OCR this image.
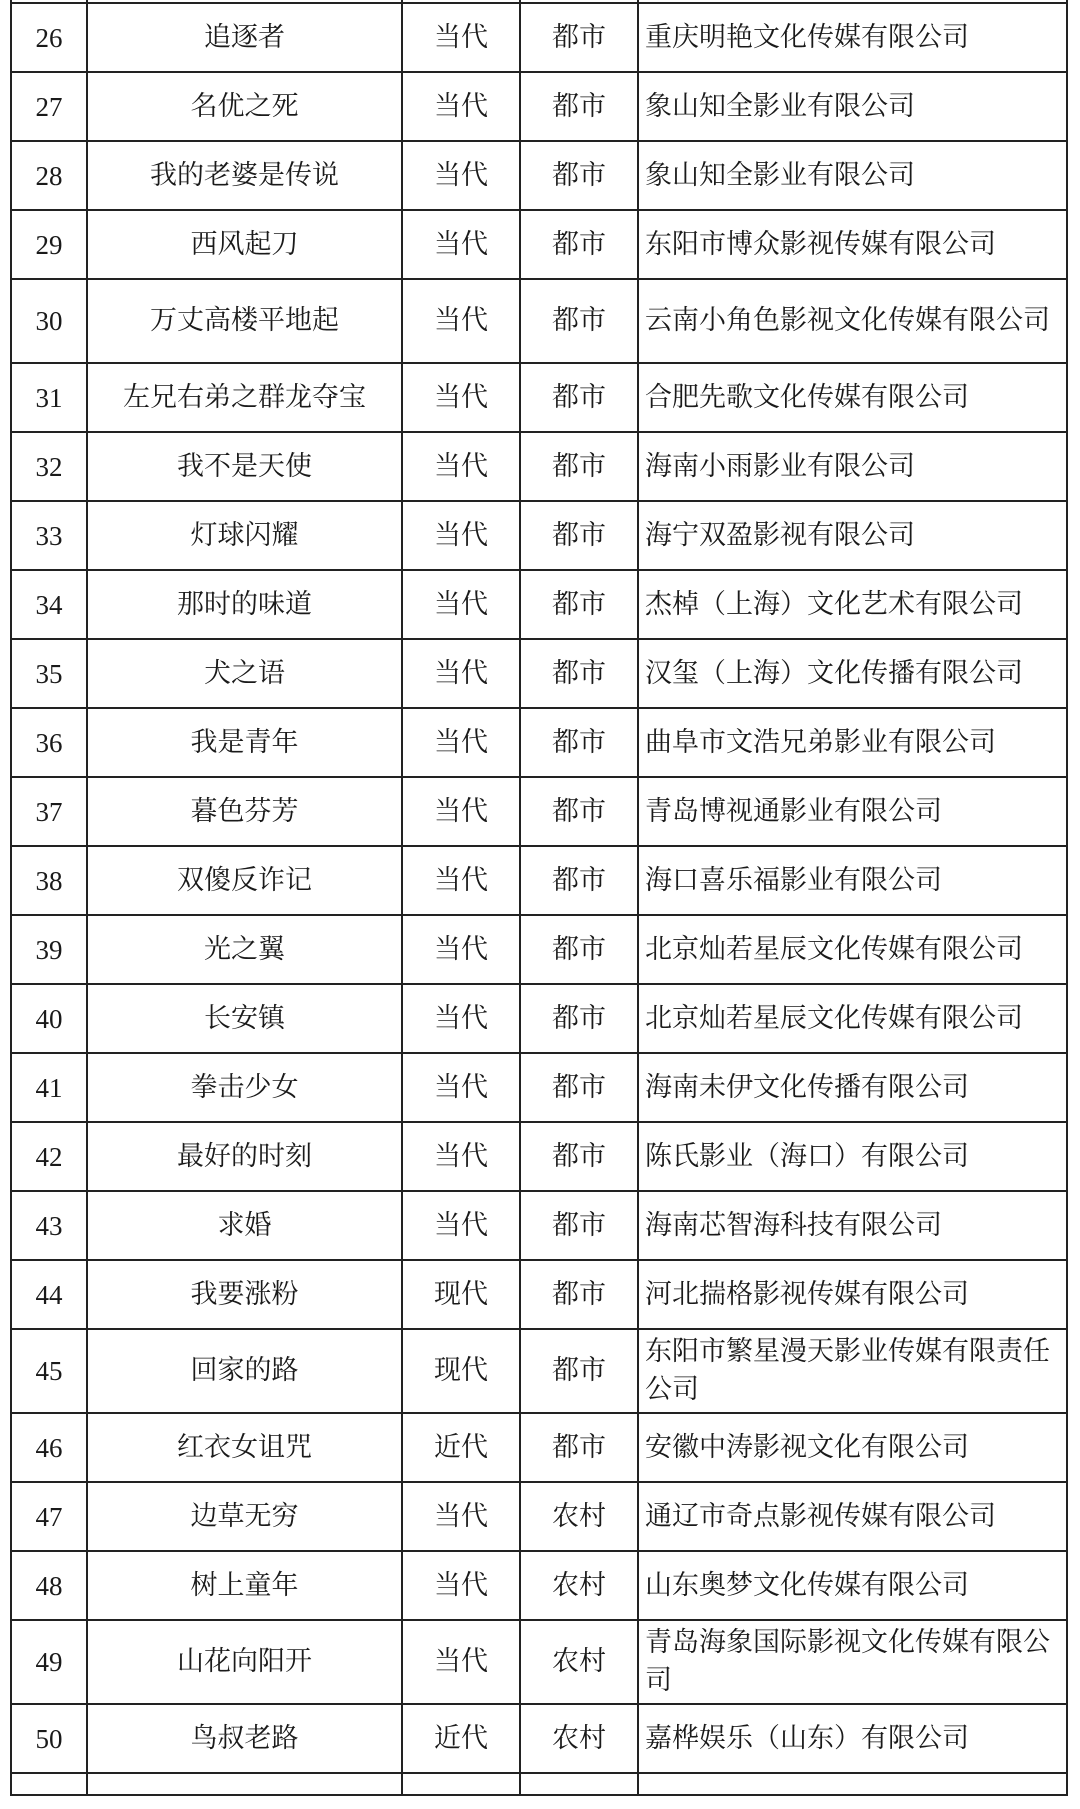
26	追逐者	当代	都市	重庆明艳文化传媒有限公司
27	名优之死	当代	都市	象山知全影业有限公司
28	我的老婆是传说	当代	都市	象山知全影业有限公司
29	西风起刀	当代	都市	东阳市博众影视传媒有限公司
30	万丈高楼平地起	当代	都市	云南小角色影视文化传媒有限公司
31	左兄右弟之群龙夺宝	当代	都市	合肥先歌文化传媒有限公司
32	我不是天使	当代	都市	海南小雨影业有限公司
33	灯球闪耀	当代	都市	海宁双盈影视有限公司
34	那时的味道	当代	都市	杰棹（上海）文化艺术有限公司
35	犬之语	当代	都市	汉玺（上海）文化传播有限公司
36	我是青年	当代	都市	曲阜市文浩兄弟影业有限公司
37	暮色芬芳	当代	都市	青岛博视通影业有限公司
38	双傻反诈记	当代	都市	海口喜乐福影业有限公司
39	光之翼	当代	都市	北京灿若星辰文化传媒有限公司
40	长安镇	当代	都市	北京灿若星辰文化传媒有限公司
41	拳击少女	当代	都市	海南未伊文化传播有限公司
42	最好的时刻	当代	都市	陈氏影业（海口）有限公司
43	求婚	当代	都市	海南芯智海科技有限公司
44	我要涨粉	现代	都市	河北揣格影视传媒有限公司
45	回家的路	现代	都市	东阳市繁星漫天影业传媒有限责任公司
46	红衣女诅咒	近代	都市	安徽中涛影视文化有限公司
47	边草无穷	当代	农村	通辽市奇点影视传媒有限公司
48	树上童年	当代	农村	山东奥梦文化传媒有限公司
49	山花向阳开	当代	农村	青岛海象国际影视文化传媒有限公司
50	鸟叔老路	近代	农村	嘉桦娱乐（山东）有限公司
